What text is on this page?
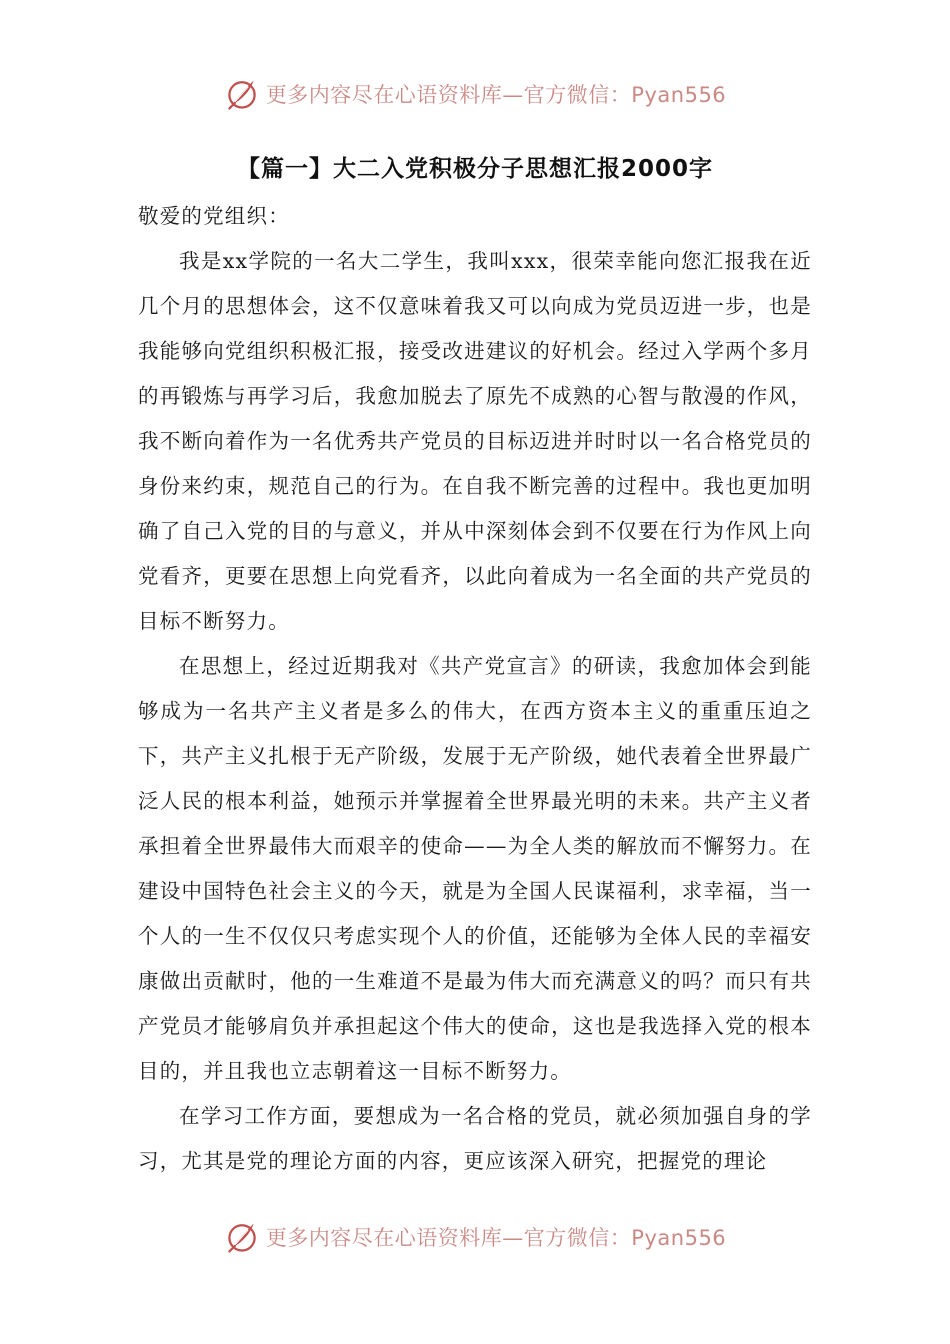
更多内容尽在心语资料库—官方微信：Pyan556
【篇一】大二入党积极分子思想汇报2000字

敬爱的党组织：

我是xx学院的一名大二学生，我叫xxx，很荣幸能向您汇报我在近几个月的思想体会，这不仅意味着我又可以向成为党员迈进一步，也是我能够向党组织积极汇报，接受改进建议的好机会。经过入学两个多月的再锻炼与再学习后，我愈加脱去了原先不成熟的心智与散漫的作风，我不断向着作为一名优秀共产党员的目标迈进并时时以一名合格党员的身份来约束，规范自己的行为。在自我不断完善的过程中。我也更加明确了自己入党的目的与意义，并从中深刻体会到不仅要在行为作风上向党看齐，更要在思想上向党看齐，以此向着成为一名全面的共产党员的目标不断努力。

在思想上，经过近期我对《共产党宣言》的研读，我愈加体会到能够成为一名共产主义者是多么的伟大，在西方资本主义的重重压迫之下，共产主义扎根于无产阶级，发展于无产阶级，她代表着全世界最广泛人民的根本利益，她预示并掌握着全世界最光明的未来。共产主义者承担着全世界最伟大而艰辛的使命——为全人类的解放而不懈努力。在建设中国特色社会主义的今天，就是为全国人民谋福利，求幸福，当一个人的一生不仅仅只考虑实现个人的价值，还能够为全体人民的幸福安康做出贡献时，他的一生难道不是最为伟大而充满意义的吗？而只有共产党员才能够肩负并承担起这个伟大的使命，这也是我选择入党的根本目的，并且我也立志朝着这一目标不断努力。

在学习工作方面，要想成为一名合格的党员，就必须加强自身的学习，尤其是党的理论方面的内容，更应该深入研究，把握党的理论

更多内容尽在心语资料库—官方微信：Pyan556
